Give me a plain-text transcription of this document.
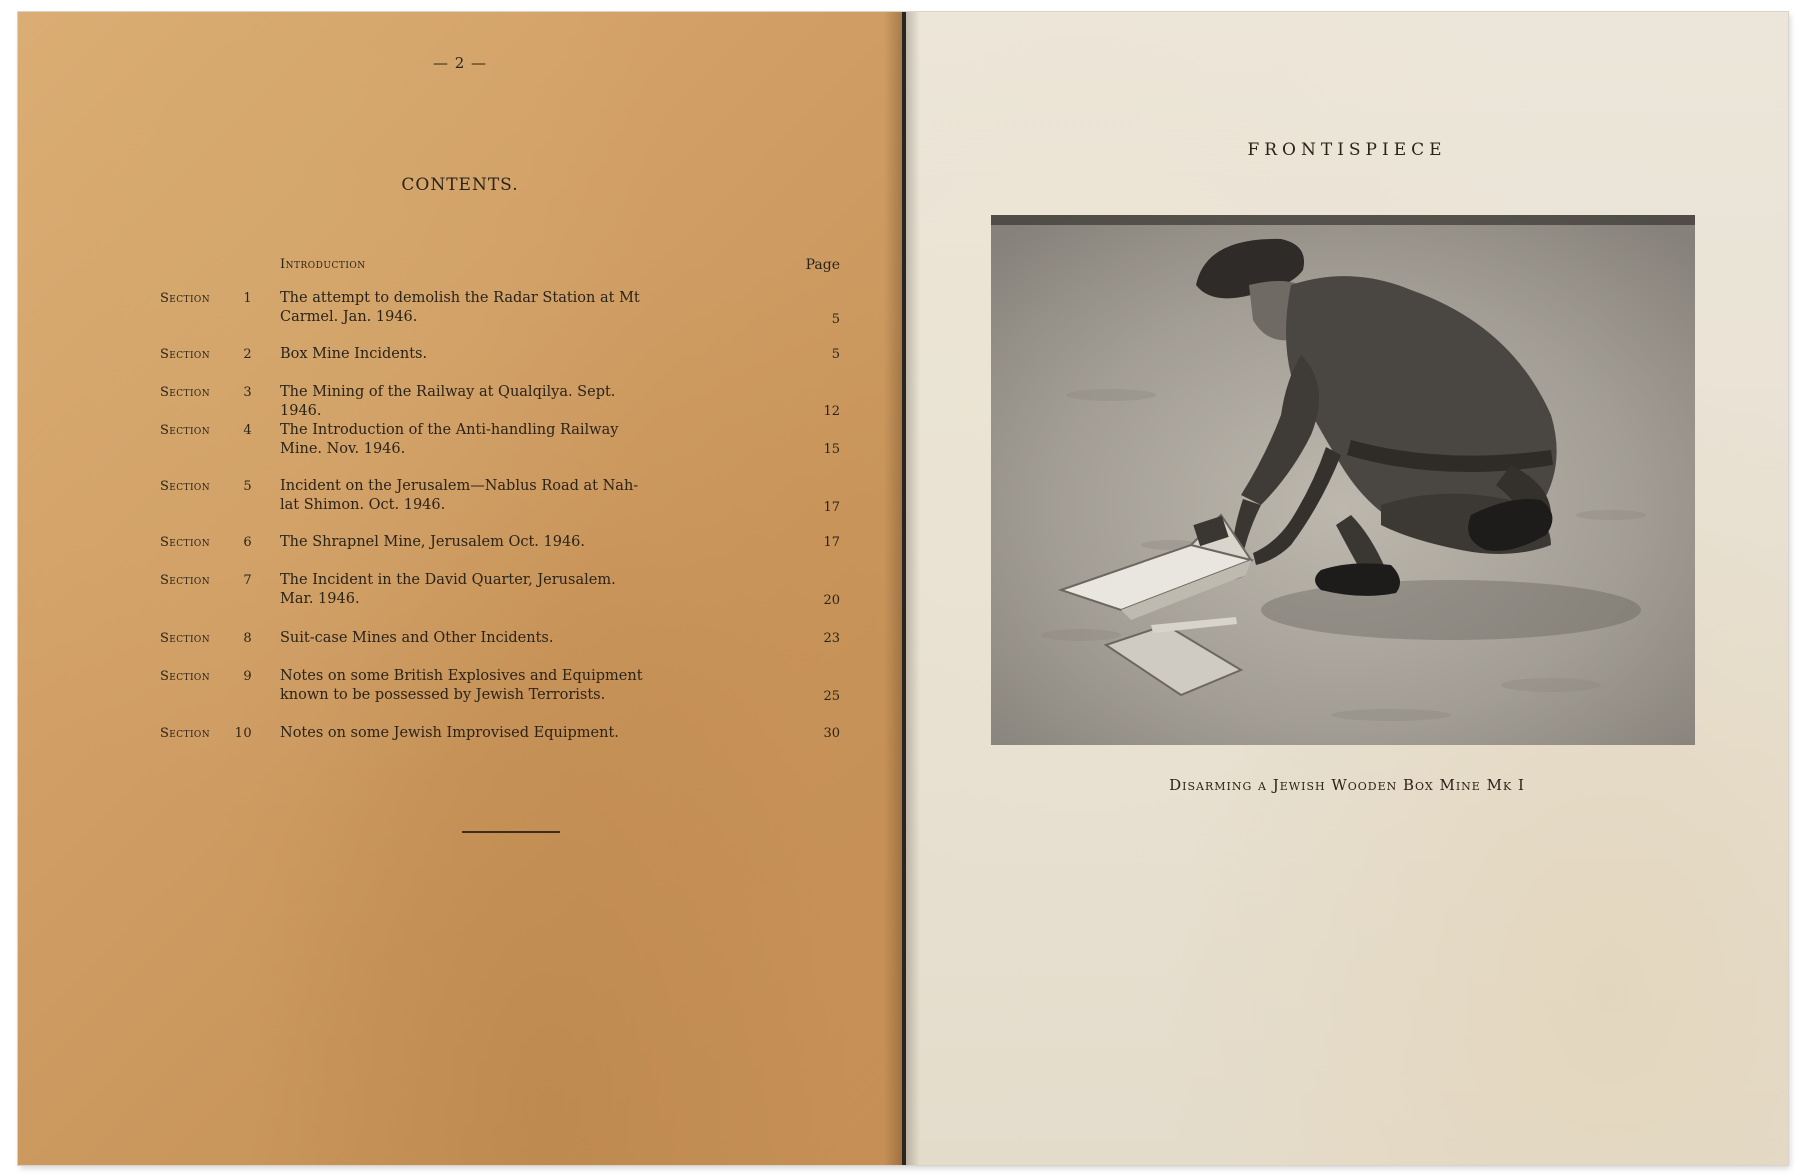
— 2 —
CONTENTS.
Introduction	Page
Section	1 The attempt to demolish the Radar Station at Mt
Carmel. Jan. 1946.	5
Section	2 Box Mine Incidents.	5
Section	3 The Mining of the Railway at Qualqilya. Sept.
1946.	12
Section	4 The Introduction of the Anti-handling Railway
Mine. Nov. 1946.	15
Section	5 Incident on the Jerusalem—Nablus Road at Nah-
lat Shimon. Oct. 1946.	17
Section	6 The Shrapnel Mine, Jerusalem Oct. 1946.	17
Section	7 The Incident in the David Quarter, Jerusalem.
Mar. 1946.	20
Section	8 Suit-case Mines and Other Incidents.	23
Section	9 Notes on some British Explosives and Equipment
known to be possessed by Jewish Terrorists.	25
Section 10 Notes on some Jewish Improvised Equipment.	30
FRONTISPIECE
Disarming a Jewish Wooden Box Mine Mk I
